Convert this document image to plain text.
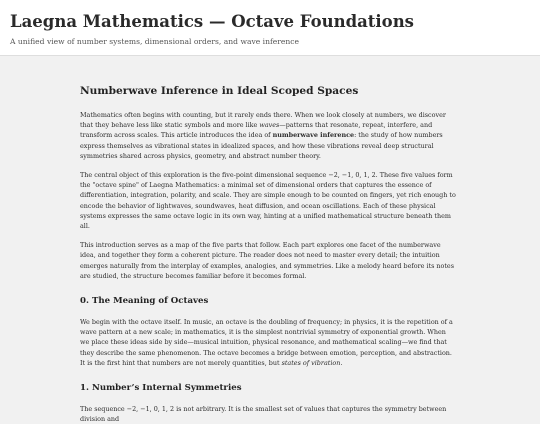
Laegna Mathematics — Octave Foundations

A unified view of number systems, dimensional orders, and wave inference

Numberwave Inference in Ideal Scoped Spaces

Mathematics often begins with counting, but it rarely ends there. When we look closely at numbers, we discover that they behave less like static symbols and more like waves—patterns that resonate, repeat, interfere, and transform across scales. This article introduces the idea of numberwave inference: the study of how numbers express themselves as vibrational states in idealized spaces, and how these vibrations reveal deep structural symmetries shared across physics, geometry, and abstract number theory.

The central object of this exploration is the five-point dimensional sequence −2, −1, 0, 1, 2. These five values form the "octave spine" of Laegna Mathematics: a minimal set of dimensional orders that captures the essence of differentiation, integration, polarity, and scale. They are simple enough to be counted on fingers, yet rich enough to encode the behavior of lightwaves, soundwaves, heat diffusion, and ocean oscillations. Each of these physical systems expresses the same octave logic in its own way, hinting at a unified mathematical structure beneath them all.

This introduction serves as a map of the five parts that follow. Each part explores one facet of the numberwave idea, and together they form a coherent picture. The reader does not need to master every detail; the intuition emerges naturally from the interplay of examples, analogies, and symmetries. Like a melody heard before its notes are studied, the structure becomes familiar before it becomes formal.

0. The Meaning of Octaves

We begin with the octave itself. In music, an octave is the doubling of frequency; in physics, it is the repetition of a wave pattern at a new scale; in mathematics, it is the simplest nontrivial symmetry of exponential growth. When we place these ideas side by side—musical intuition, physical resonance, and mathematical scaling—we find that they describe the same phenomenon. The octave becomes a bridge between emotion, perception, and abstraction. It is the first hint that numbers are not merely quantities, but states of vibration.

1. Number’s Internal Symmetries

The sequence −2, −1, 0, 1, 2 is not arbitrary. It is the smallest set of values that captures the symmetry between division and
